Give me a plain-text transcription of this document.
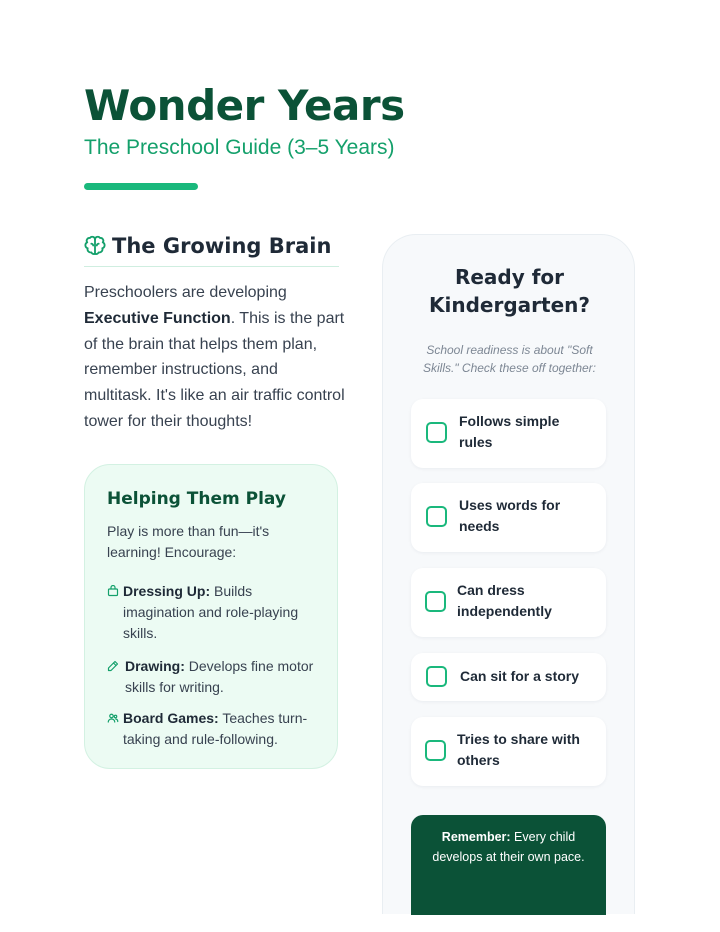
Wonder Years

The Preschool Guide (3–5 Years)

The Growing Brain

Preschoolers are developing Executive Function. This is the part of the brain that helps them plan, remember instructions, and multitask. It's like an air traffic control tower for their thoughts!

Helping Them Play

Play is more than fun—it's learning! Encourage:

Dressing Up: Builds imagination and role-playing skills.
Drawing: Develops fine motor skills for writing.
Board Games: Teaches turn-taking and rule-following.
Ready for Kindergarten?

School readiness is about "Soft Skills." Check these off together:

Follows simple rules
Uses words for needs
Can dress independently
Can sit for a story
Tries to share with others

Remember: Every child develops at their own pace.
